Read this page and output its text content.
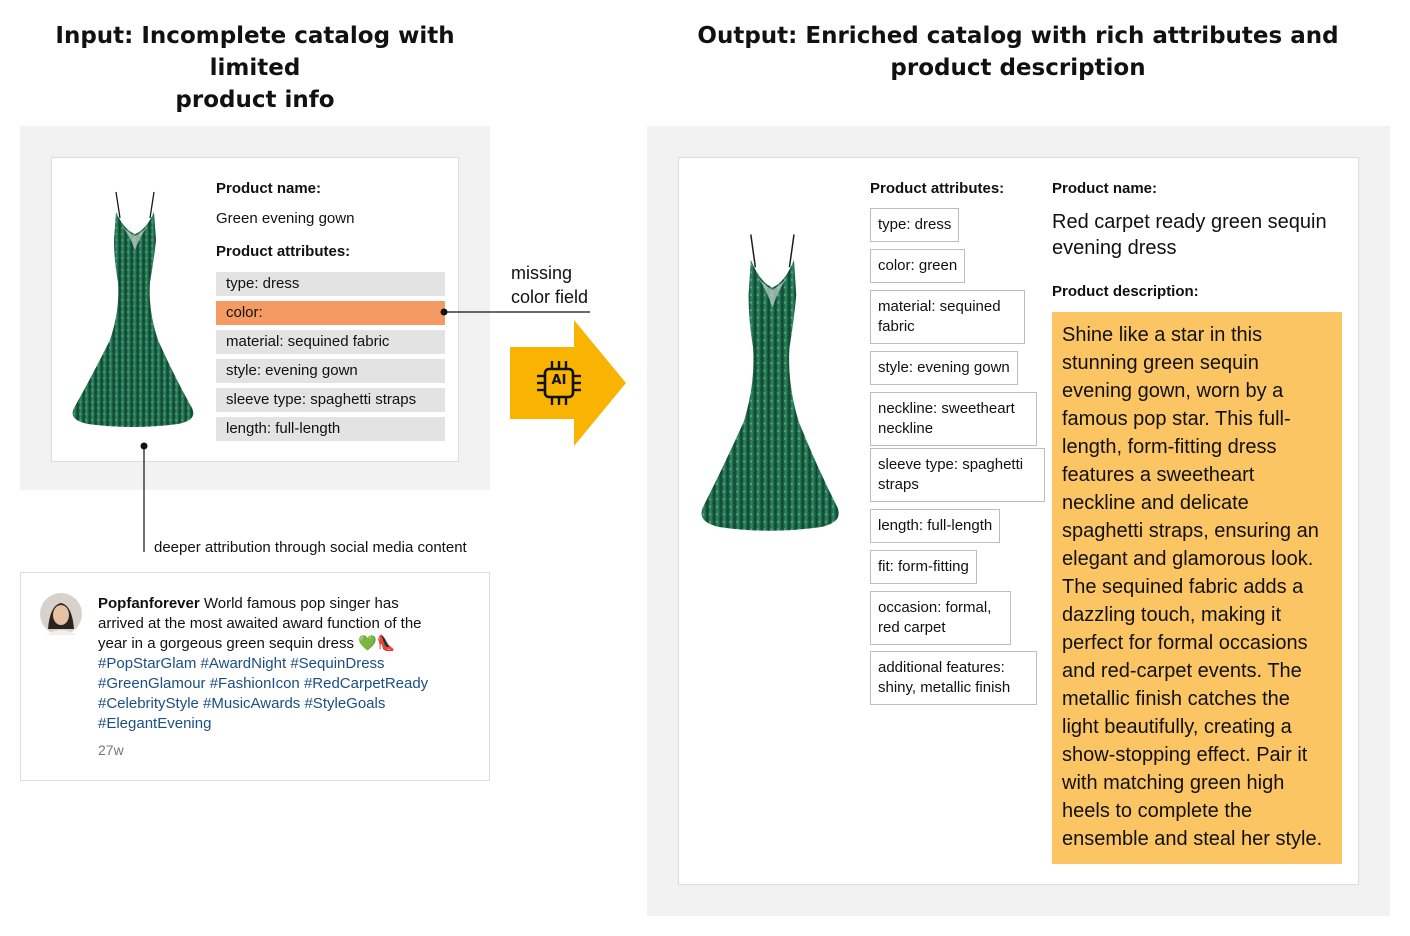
Input: Incomplete catalog with limited
product info
Output: Enriched catalog with rich attributes and
product description
Product name:
Green evening gown
Product attributes:
type: dress
color:
material: sequined fabric
style: evening gown
sleeve type: spaghetti straps
length: full-length
missing
color field
AI
deeper attribution through social media content
Popfanforever World famous pop singer has
arrived at the most awaited award function of the
year in a gorgeous green sequin dress 💚👠
#PopStarGlam #AwardNight #SequinDress
#GreenGlamour #FashionIcon #RedCarpetReady
#CelebrityStyle #MusicAwards #StyleGoals
#ElegantEvening
27w
Product attributes:
type: dress
color: green
material: sequined fabric
style: evening gown
neckline: sweetheart neckline
sleeve type: spaghetti straps
length: full-length
fit: form-fitting
occasion: formal, red carpet
additional features: shiny, metallic finish
Product name:
Red carpet ready green sequin evening dress
Product description:
Shine like a star in this stunning green sequin evening gown, worn by a famous pop star. This full-length, form-fitting dress features a sweetheart neckline and delicate spaghetti straps, ensuring an elegant and glamorous look. The sequined fabric adds a dazzling touch, making it perfect for formal occasions and red-carpet events. The metallic finish catches the light beautifully, creating a show-stopping effect. Pair it with matching green high heels to complete the ensemble and steal her style.
